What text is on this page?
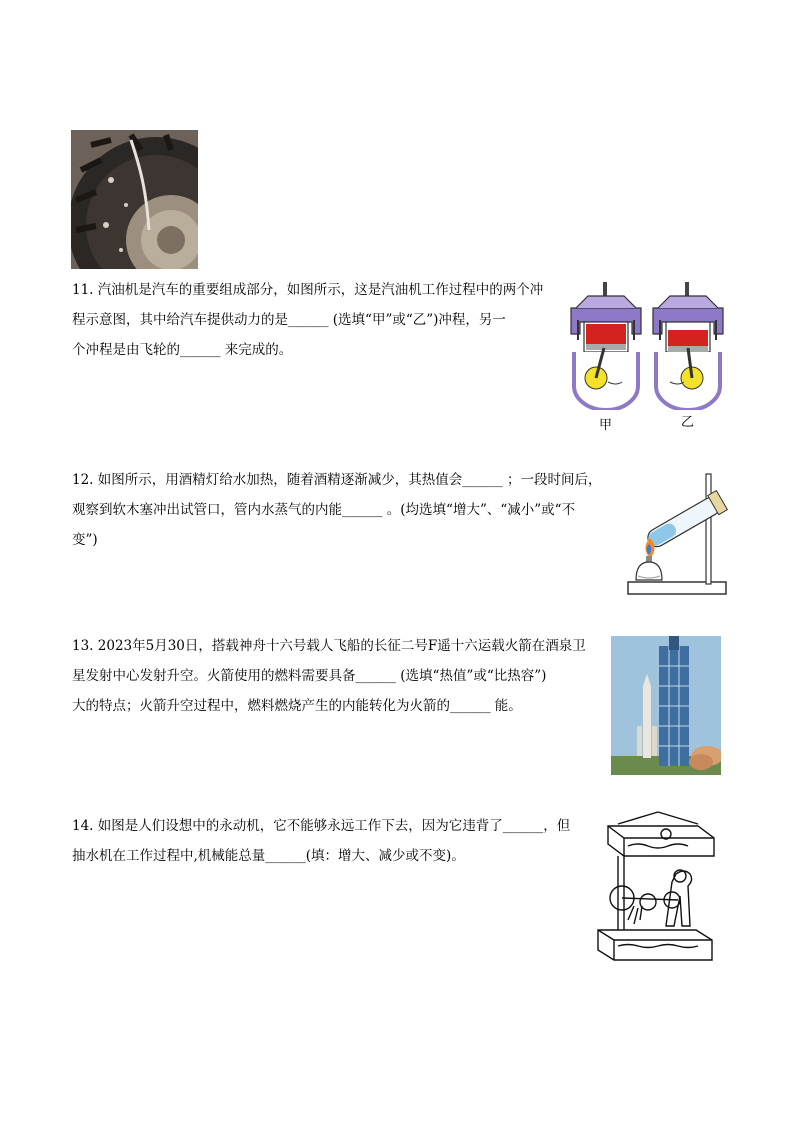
11. 汽油机是汽车的重要组成部分，如图所示，这是汽油机工作过程中的两个冲

程示意图，其中给汽车提供动力的是______ (选填“甲”或“乙”)冲程，另一

个冲程是由飞轮的______ 来完成的。

甲	乙

12. 如图所示，用酒精灯给水加热，随着酒精逐渐减少，其热值会______ ；一段时间后，

观察到软木塞冲出试管口，管内水蒸气的内能______ 。(均选填“增大”、“减小”或“不

变”)

13. 2023年5月30日，搭载神舟十六号载人飞船的长征二号F遥十六运载火箭在酒泉卫

星发射中心发射升空。火箭使用的燃料需要具备______ (选填“热值”或“比热容”)

大的特点；火箭升空过程中，燃料燃烧产生的内能转化为火箭的______ 能。

14. 如图是人们设想中的永动机，它不能够永远工作下去，因为它违背了______，但

抽水机在工作过程中,机械能总量______(填：增大、减少或不变)。
